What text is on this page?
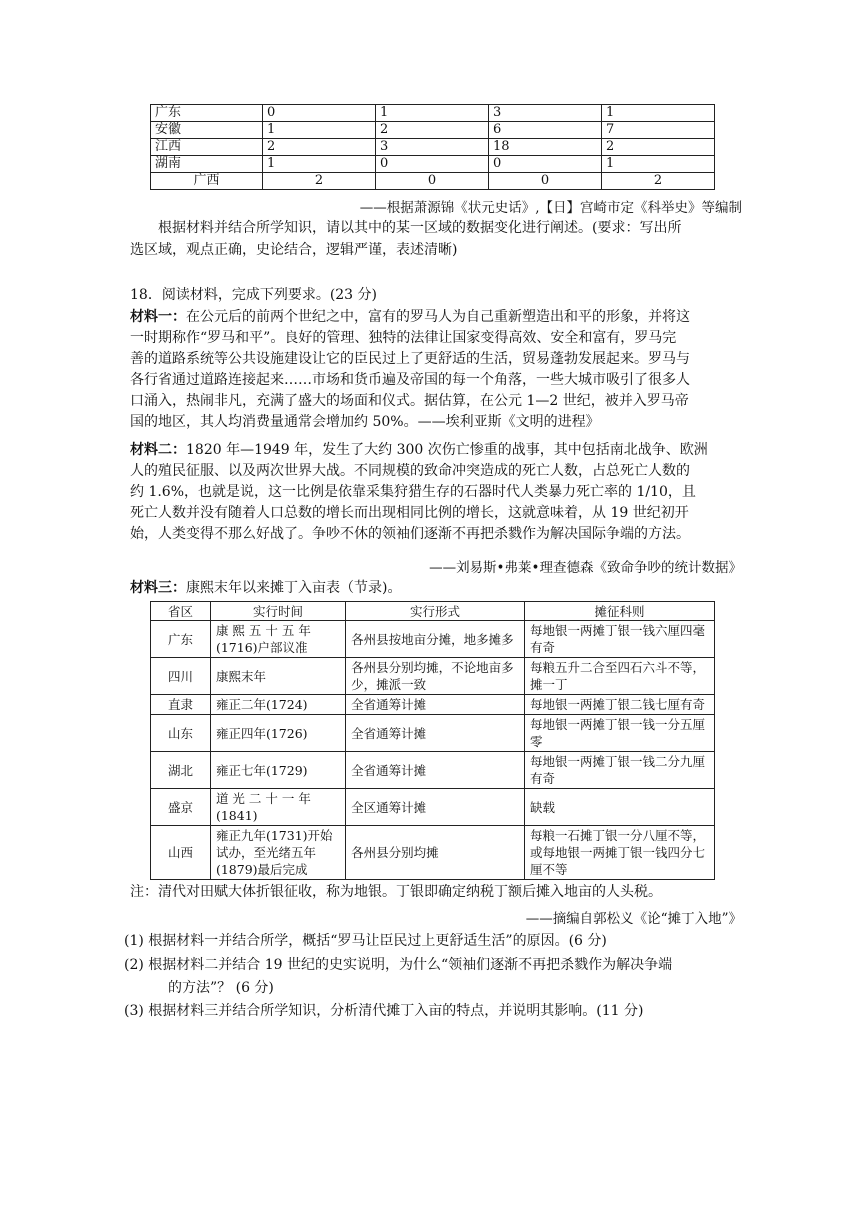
广东	0	1	3	1
安徽	1	2	6	7
江西	2	3	18	2
湖南	1	0	0	1
广西	2	0	0	2
——根据萧源锦《状元史话》,【日】宫崎市定《科举史》等编制
根据材料并结合所学知识，请以其中的某一区域的数据变化进行阐述。(要求：写出所
选区域，观点正确，史论结合，逻辑严谨，表述清晰)
18．阅读材料，完成下列要求。(23 分)
材料一：在公元后的前两个世纪之中，富有的罗马人为自己重新塑造出和平的形象，并将这
一时期称作“罗马和平”。良好的管理、独特的法律让国家变得高效、安全和富有，罗马完
善的道路系统等公共设施建设让它的臣民过上了更舒适的生活，贸易蓬勃发展起来。罗马与
各行省通过道路连接起来……市场和货币遍及帝国的每一个角落，一些大城市吸引了很多人
口涌入，热闹非凡，充满了盛大的场面和仪式。据估算，在公元 1—2 世纪，被并入罗马帝
国的地区，其人均消费量通常会增加约 50%。——埃利亚斯《文明的进程》
材料二：1820 年—1949 年，发生了大约 300 次伤亡惨重的战事，其中包括南北战争、欧洲
人的殖民征服、以及两次世界大战。不同规模的致命冲突造成的死亡人数，占总死亡人数的
约 1.6%，也就是说，这一比例是依靠采集狩猎生存的石器时代人类暴力死亡率的 1/10，且
死亡人数并没有随着人口总数的增长而出现相同比例的增长，这就意味着，从 19 世纪初开
始，人类变得不那么好战了。争吵不休的领袖们逐渐不再把杀戮作为解决国际争端的方法。
——刘易斯•弗莱•理查德森《致命争吵的统计数据》
材料三：康熙末年以来摊丁入亩表（节录)。
省区	实行时间	实行形式	摊征科则
广东	康 熙 五 十 五 年 (1716)户部议准	各州县按地亩分摊，地多摊多	每地银一两摊丁银一钱六厘四毫有奇
四川	康熙末年	各州县分别均摊，不论地亩多少，摊派一致	每粮五升二合至四石六斗不等，摊一丁
直隶	雍正二年(1724)	全省通筹计摊	每地银一两摊丁银二钱七厘有奇
山东	雍正四年(1726)	全省通筹计摊	每地银一两摊丁银一钱一分五厘零
湖北	雍正七年(1729)	全省通筹计摊	每地银一两摊丁银一钱二分九厘有奇
盛京	道 光 二 十 一 年 (1841)	全区通筹计摊	缺载
山西	雍正九年(1731)开始试办，至光绪五年(1879)最后完成	各州县分别均摊	每粮一石摊丁银一分八厘不等，或每地银一两摊丁银一钱四分七厘不等
注：清代对田赋大体折银征收，称为地银。丁银即确定纳税丁额后摊入地亩的人头税。
——摘编自郭松义《论“摊丁入地”》
(1) 根据材料一并结合所学，概括“罗马让臣民过上更舒适生活”的原因。(6 分)
(2) 根据材料二并结合 19 世纪的史实说明，为什么“领袖们逐渐不再把杀戮作为解决争端
的方法”？ (6 分)
(3) 根据材料三并结合所学知识，分析清代摊丁入亩的特点，并说明其影响。(11 分)
